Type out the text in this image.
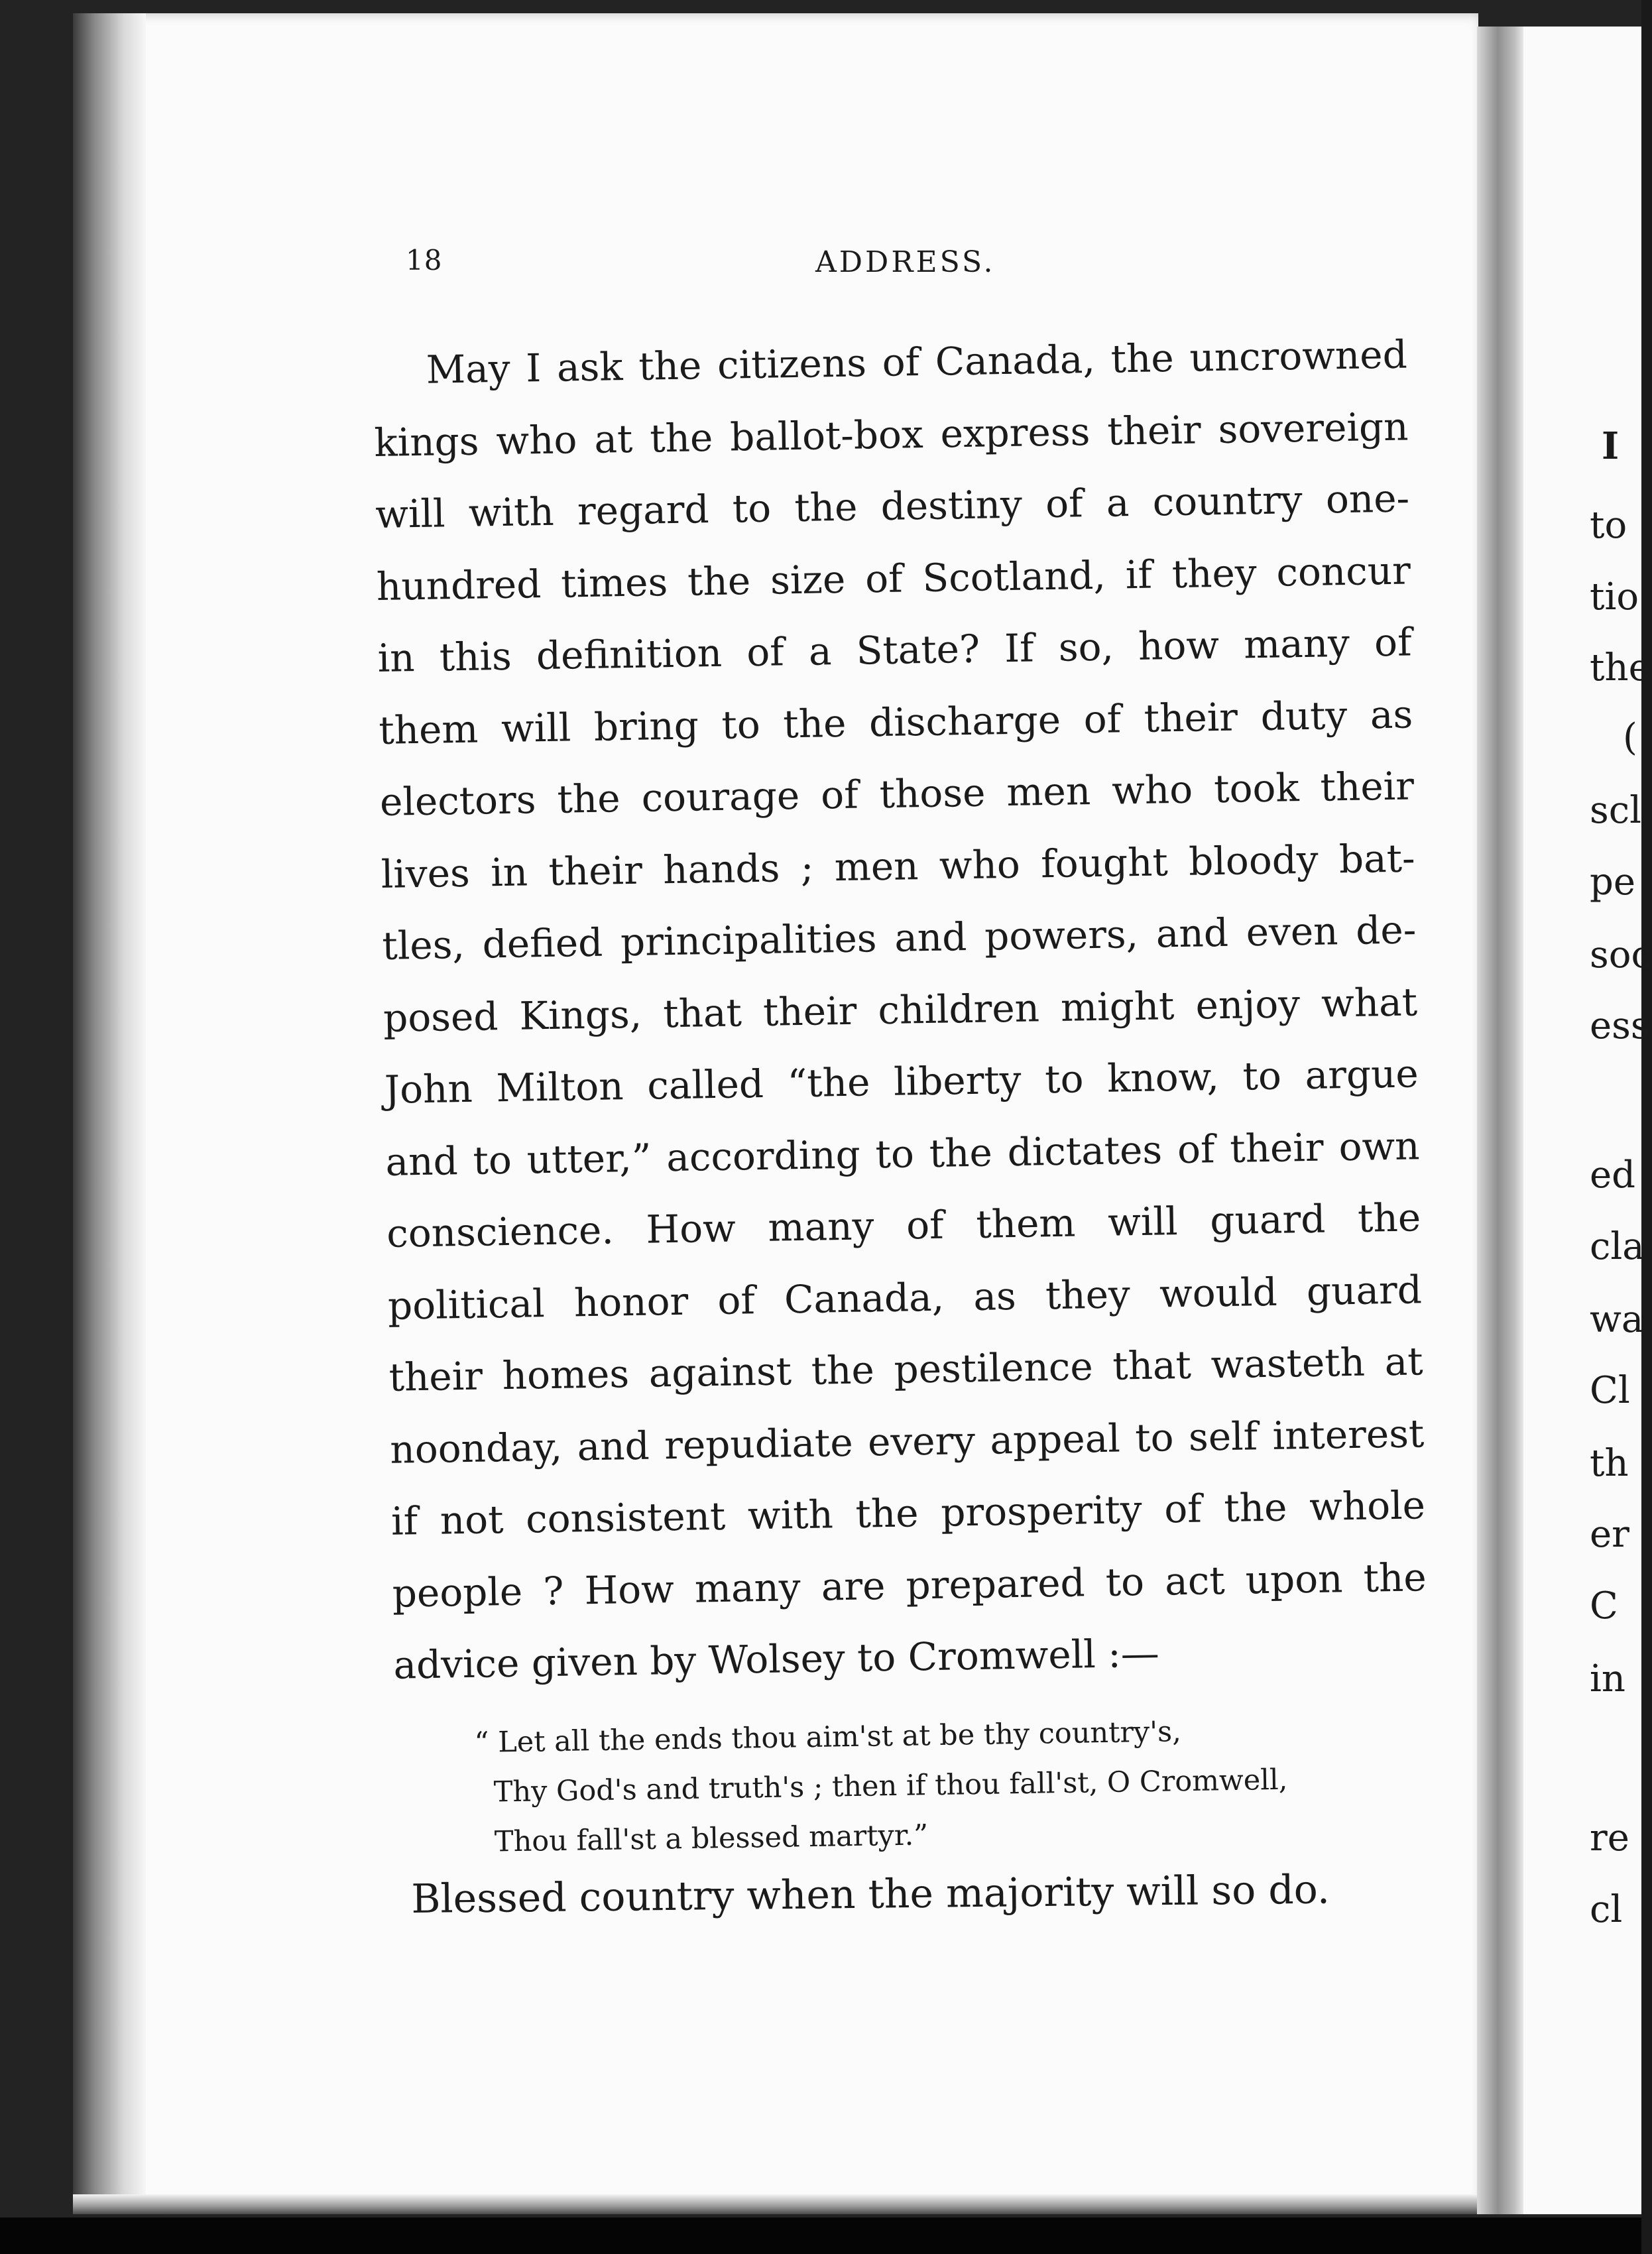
18	ADDRESS.
May I ask the citizens of Canada, the uncrowned
kings who at the ballot-box express their sovereign
will with regard to the destiny of a country one-
hundred times the size of Scotland, if they concur
in this definition of a State? If so, how many of
them will bring to the discharge of their duty as
electors the courage of those men who took their
lives in their hands ; men who fought bloody bat-
tles, defied principalities and powers, and even de-
posed Kings, that their children might enjoy what
John Milton called “the liberty to know, to argue
and to utter,” according to the dictates of their own
conscience. How many of them will guard the
political honor of Canada, as they would guard
their homes against the pestilence that wasteth at
noonday, and repudiate every appeal to self interest
if not consistent with the prosperity of the whole
people ? How many are prepared to act upon the
advice given by Wolsey to Cromwell :—
“ Let all the ends thou aim'st at be thy country's,
Thy God's and truth's ; then if thou fall'st, O Cromwell,
Thou fall'st a blessed martyr.”
Blessed country when the majority will so do.
I
to
tio
the
(
scl
pe
soc
ess
ed
cla
wa
Cl
th
er
C
in
re
cl
